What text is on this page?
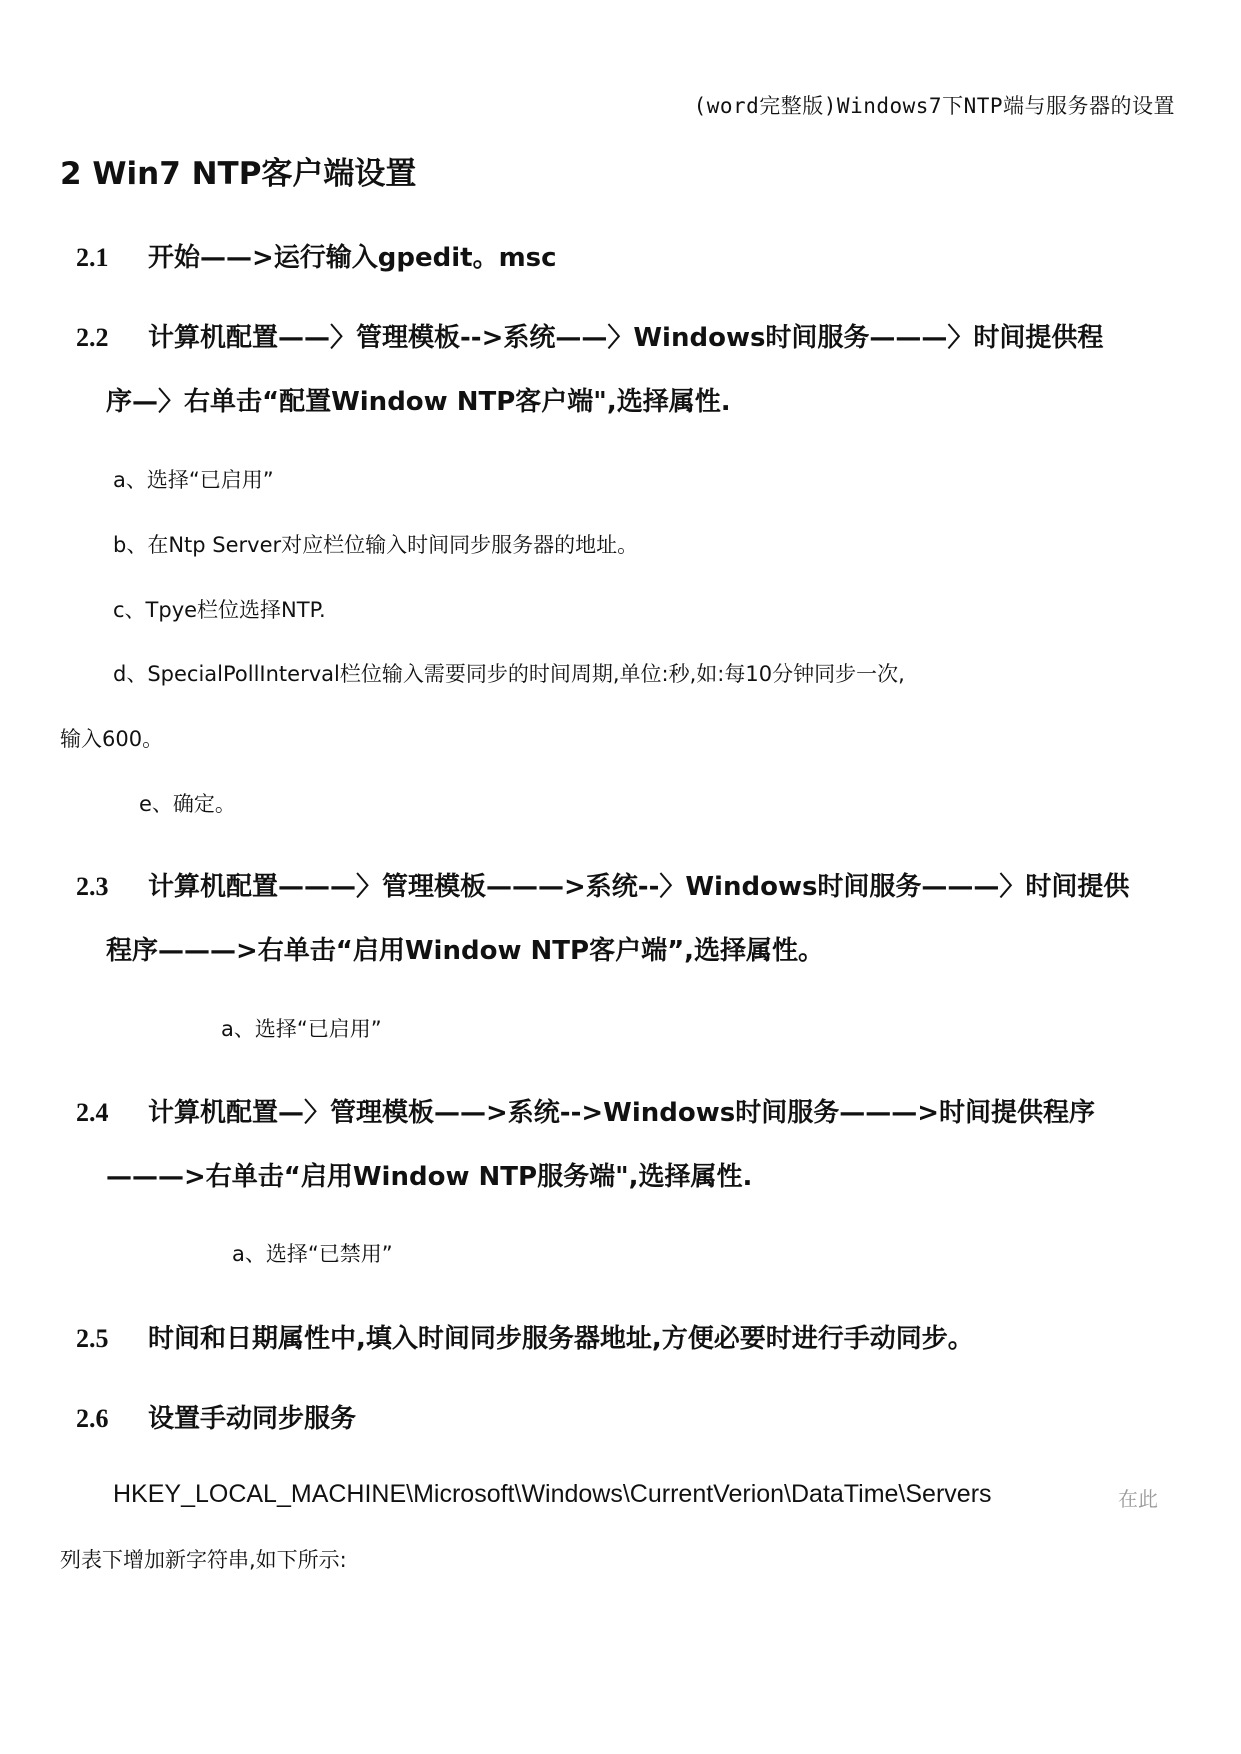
(word完整版)Windows7下NTP端与服务器的设置
2 Win7 NTP客户端设置
2.1 开始——>运行输入gpedit。msc
2.2 计算机配置——〉管理模板-->系统——〉Windows时间服务———〉时间提供程
序—〉右单击“配置Window NTP客户端",选择属性.
a、选择“已启用”
b、在Ntp Server对应栏位输入时间同步服务器的地址。
c、Tpye栏位选择NTP.
d、SpecialPollInterval栏位输入需要同步的时间周期,单位:秒,如:每10分钟同步一次,
输入600。
e、确定。
2.3 计算机配置———〉管理模板———>系统--〉Windows时间服务———〉时间提供
程序———>右单击“启用Window NTP客户端”,选择属性。
a、选择“已启用”
2.4 计算机配置—〉管理模板——>系统-->Windows时间服务———>时间提供程序
———>右单击“启用Window NTP服务端",选择属性.
a、选择“已禁用”
2.5 时间和日期属性中,填入时间同步服务器地址,方便必要时进行手动同步。
2.6 设置手动同步服务
HKEY_LOCAL_MACHINE\Microsoft\Windows\CurrentVerion\DataTime\Servers	在此
列表下增加新字符串,如下所示:
